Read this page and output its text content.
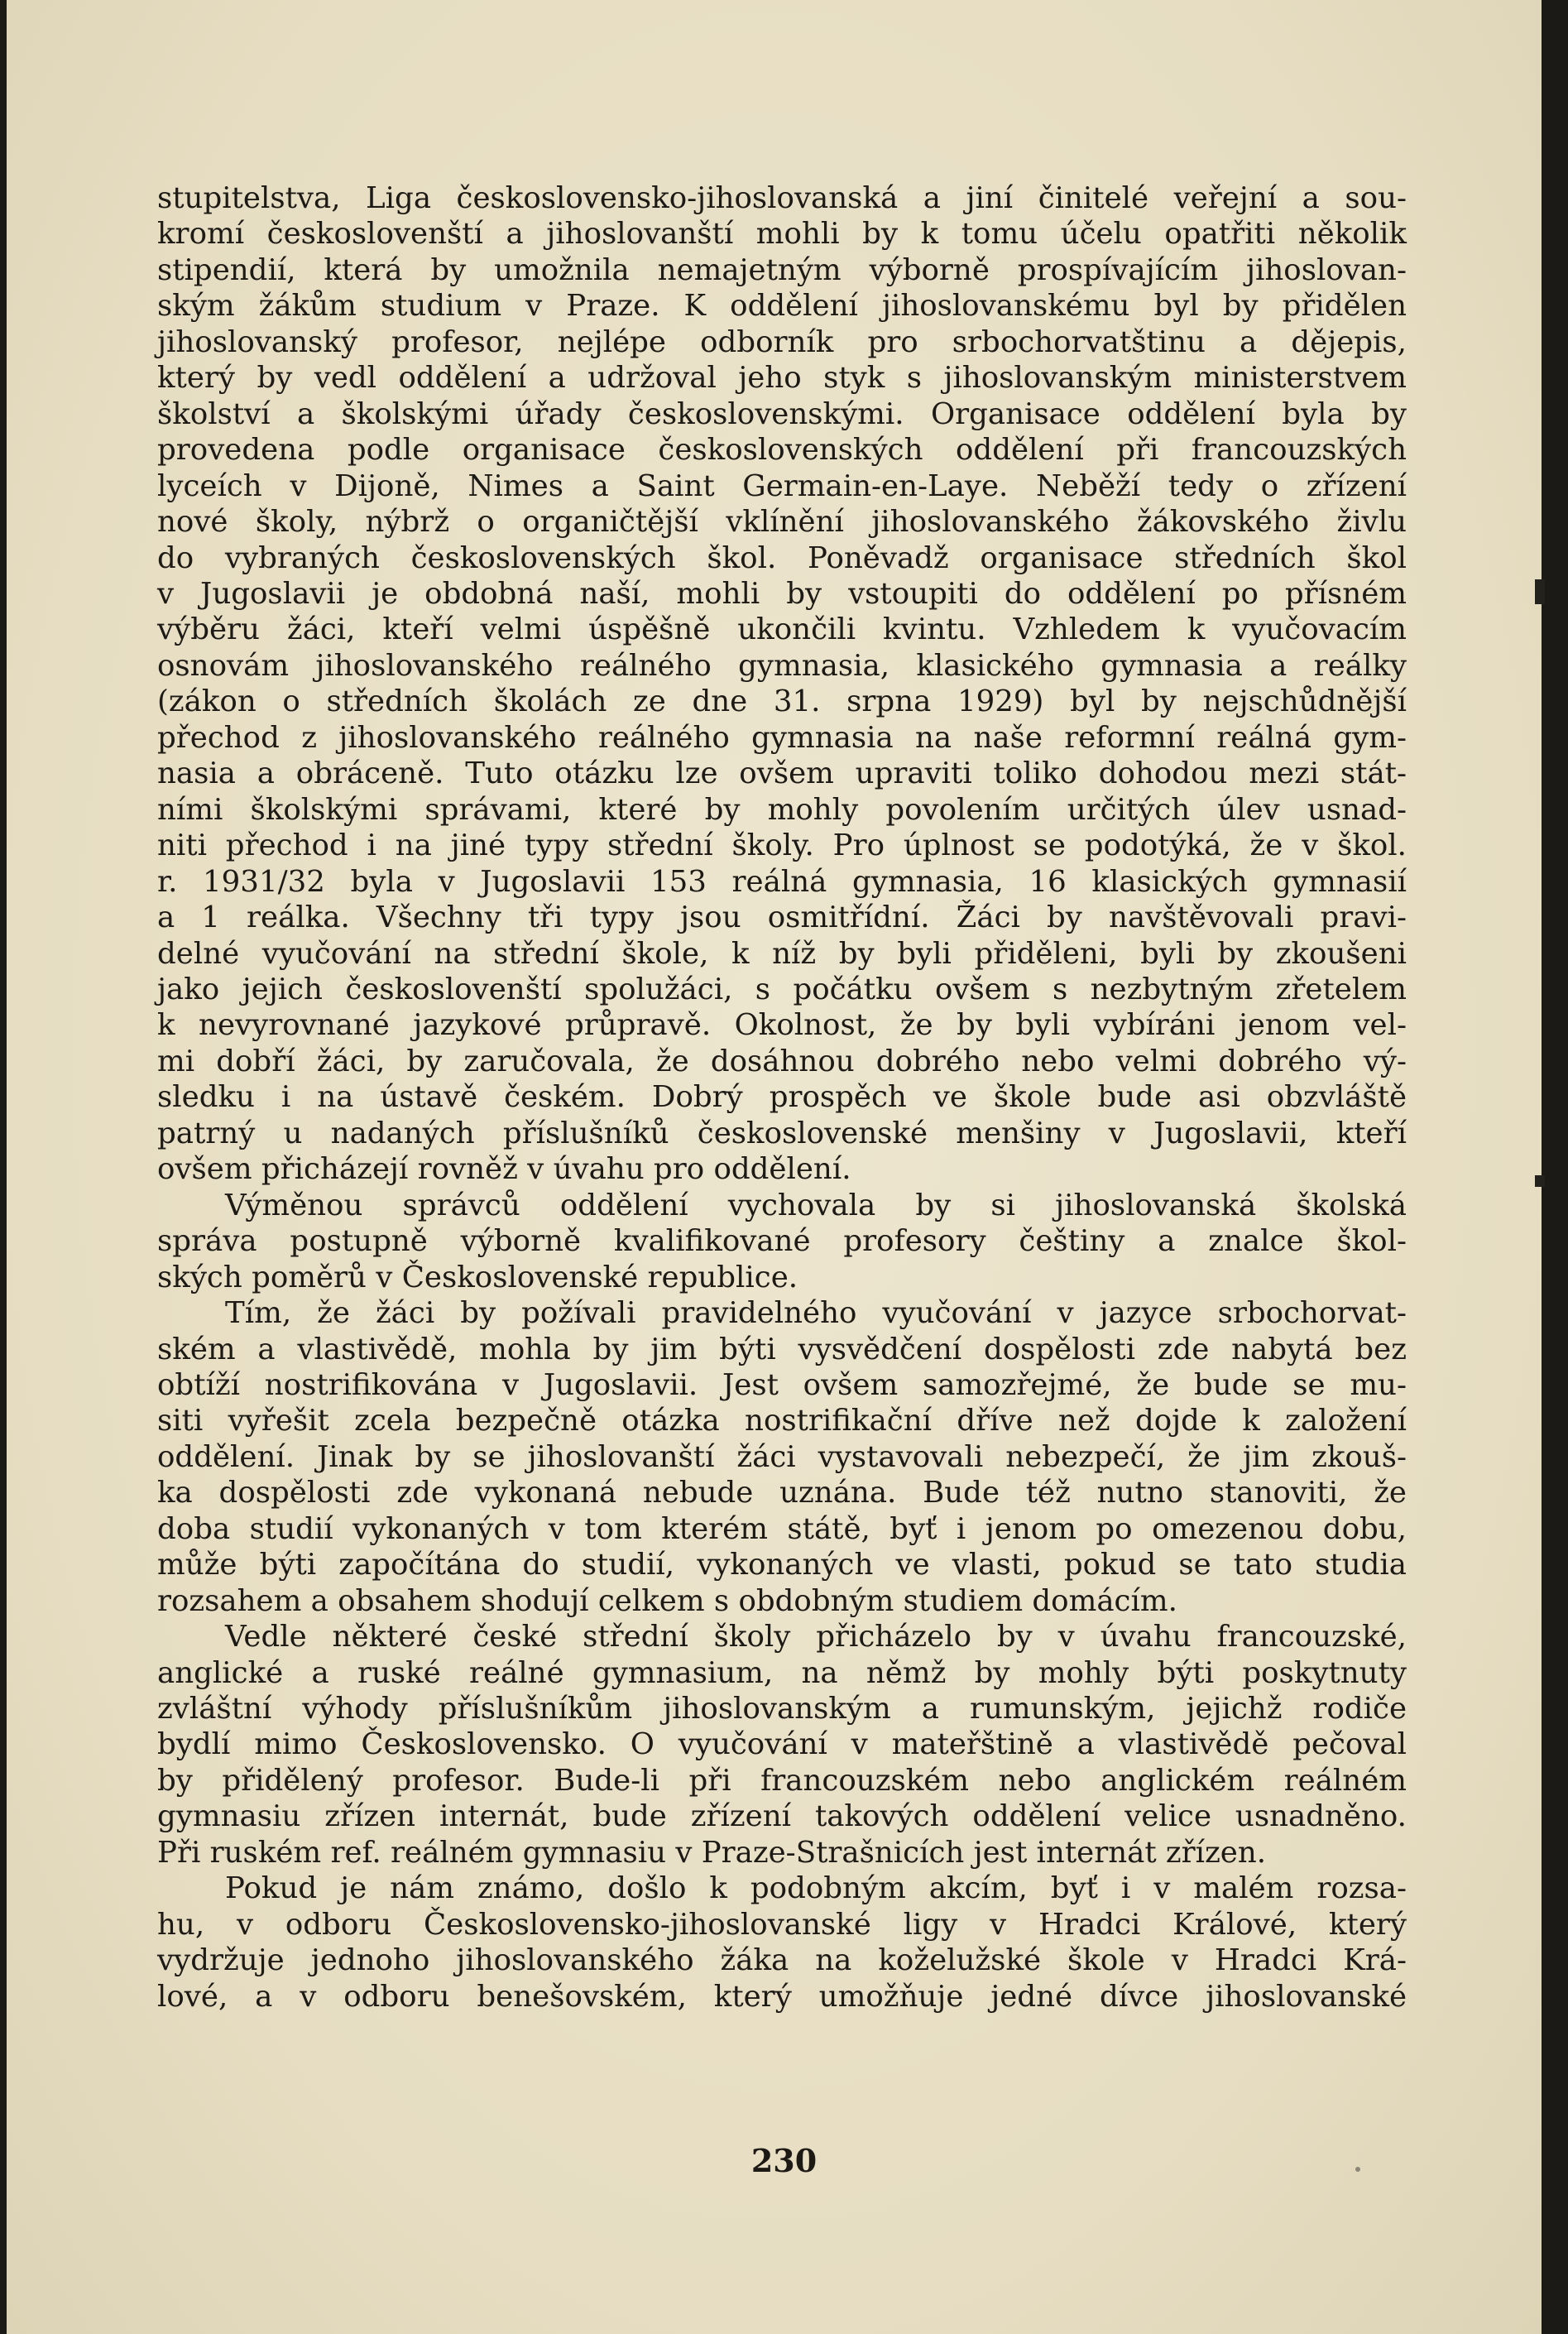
stupitelstva, Liga československo-jihoslovanská a jiní činitelé veřejní a sou-
kromí českoslovenští a jihoslovanští mohli by k tomu účelu opatřiti několik
stipendií, která by umožnila nemajetným výborně prospívajícím jihoslovan-
ským žákům studium v Praze. K oddělení jihoslovanskému byl by přidělen
jihoslovanský profesor, nejlépe odborník pro srbochorvatštinu a dějepis,
který by vedl oddělení a udržoval jeho styk s jihoslovanským ministerstvem
školství a školskými úřady československými. Organisace oddělení byla by
provedena podle organisace československých oddělení při francouzských
lyceích v Dijoně, Nimes a Saint Germain-en-Laye. Neběží tedy o zřízení
nové školy, nýbrž o organičtější vklínění jihoslovanského žákovského živlu
do vybraných československých škol. Poněvadž organisace středních škol
v Jugoslavii je obdobná naší, mohli by vstoupiti do oddělení po přísném
výběru žáci, kteří velmi úspěšně ukončili kvintu. Vzhledem k vyučovacím
osnovám jihoslovanského reálného gymnasia, klasického gymnasia a reálky
(zákon o středních školách ze dne 31. srpna 1929) byl by nejschůdnější
přechod z jihoslovanského reálného gymnasia na naše reformní reálná gym-
nasia a obráceně. Tuto otázku lze ovšem upraviti toliko dohodou mezi stát-
ními školskými správami, které by mohly povolením určitých úlev usnad-
niti přechod i na jiné typy střední školy. Pro úplnost se podotýká, že v škol.
r. 1931/32 byla v Jugoslavii 153 reálná gymnasia, 16 klasických gymnasií
a 1 reálka. Všechny tři typy jsou osmitřídní. Žáci by navštěvovali pravi-
delné vyučování na střední škole, k níž by byli přiděleni, byli by zkoušeni
jako jejich českoslovenští spolužáci, s počátku ovšem s nezbytným zřetelem
k nevyrovnané jazykové průpravě. Okolnost, že by byli vybíráni jenom vel-
mi dobří žáci, by zaručovala, že dosáhnou dobrého nebo velmi dobrého vý-
sledku i na ústavě českém. Dobrý prospěch ve škole bude asi obzvláště
patrný u nadaných příslušníků československé menšiny v Jugoslavii, kteří
ovšem přicházejí rovněž v úvahu pro oddělení.

Výměnou správců oddělení vychovala by si jihoslovanská školská
správa postupně výborně kvalifikované profesory češtiny a znalce škol-
ských poměrů v Československé republice.

Tím, že žáci by požívali pravidelného vyučování v jazyce srbochorvat-
ském a vlastivědě, mohla by jim býti vysvědčení dospělosti zde nabytá bez
obtíží nostrifikována v Jugoslavii. Jest ovšem samozřejmé, že bude se mu-
siti vyřešit zcela bezpečně otázka nostrifikační dříve než dojde k založení
oddělení. Jinak by se jihoslovanští žáci vystavovali nebezpečí, že jim zkouš-
ka dospělosti zde vykonaná nebude uznána. Bude též nutno stanoviti, že
doba studií vykonaných v tom kterém státě, byť i jenom po omezenou dobu,
může býti započítána do studií, vykonaných ve vlasti, pokud se tato studia
rozsahem a obsahem shodují celkem s obdobným studiem domácím.

Vedle některé české střední školy přicházelo by v úvahu francouzské,
anglické a ruské reálné gymnasium, na němž by mohly býti poskytnuty
zvláštní výhody příslušníkům jihoslovanským a rumunským, jejichž rodiče
bydlí mimo Československo. O vyučování v mateřštině a vlastivědě pečoval
by přidělený profesor. Bude-li při francouzském nebo anglickém reálném
gymnasiu zřízen internát, bude zřízení takových oddělení velice usnadněno.
Při ruském ref. reálném gymnasiu v Praze-Strašnicích jest internát zřízen.

Pokud je nám známo, došlo k podobným akcím, byť i v malém rozsa-
hu, v odboru Československo-jihoslovanské ligy v Hradci Králové, který
vydržuje jednoho jihoslovanského žáka na koželužské škole v Hradci Krá-
lové, a v odboru benešovském, který umožňuje jedné dívce jihoslovanské

230
